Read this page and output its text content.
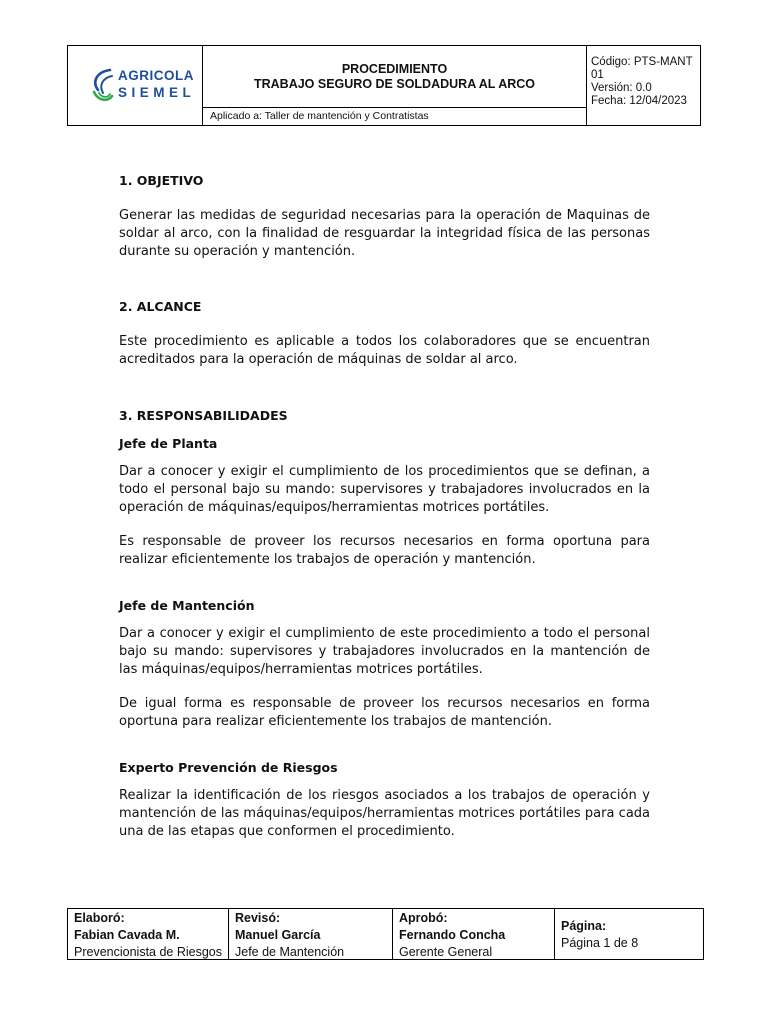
AGRICOLA
SIEMEL
PROCEDIMIENTO
TRABAJO SEGURO DE SOLDADURA AL ARCO
Aplicado a: Taller de mantención y Contratistas
Código: PTS-MANT
01
Versión: 0.0
Fecha: 12/04/2023
1. OBJETIVO
Generar las medidas de seguridad necesarias para la operación de Maquinas de soldar al arco, con la finalidad de resguardar la integridad física de las personas durante su operación y mantención.
2. ALCANCE
Este procedimiento es aplicable a todos los colaboradores que se encuentran acreditados para la operación de máquinas de soldar al arco.
3. RESPONSABILIDADES
Jefe de Planta
Dar a conocer y exigir el cumplimiento de los procedimientos que se definan, a todo el personal bajo su mando: supervisores y trabajadores involucrados en la operación de máquinas/equipos/herramientas motrices portátiles.
Es responsable de proveer los recursos necesarios en forma oportuna para realizar eficientemente los trabajos de operación y mantención.
Jefe de Mantención
Dar a conocer y exigir el cumplimiento de este procedimiento a todo el personal bajo su mando: supervisores y trabajadores involucrados en la mantención de las máquinas/equipos/herramientas motrices portátiles.
De igual forma es responsable de proveer los recursos necesarios en forma oportuna para realizar eficientemente los trabajos de mantención.
Experto Prevención de Riesgos
Realizar la identificación de los riesgos asociados a los trabajos de operación y mantención de las máquinas/equipos/herramientas motrices portátiles para cada una de las etapas que conformen el procedimiento.
Elaboró:
Fabian Cavada M.
Prevencionista de Riesgos
Revisó:
Manuel García
Jefe de Mantención
Aprobó:
Fernando Concha
Gerente General
Página:
Página 1 de 8
